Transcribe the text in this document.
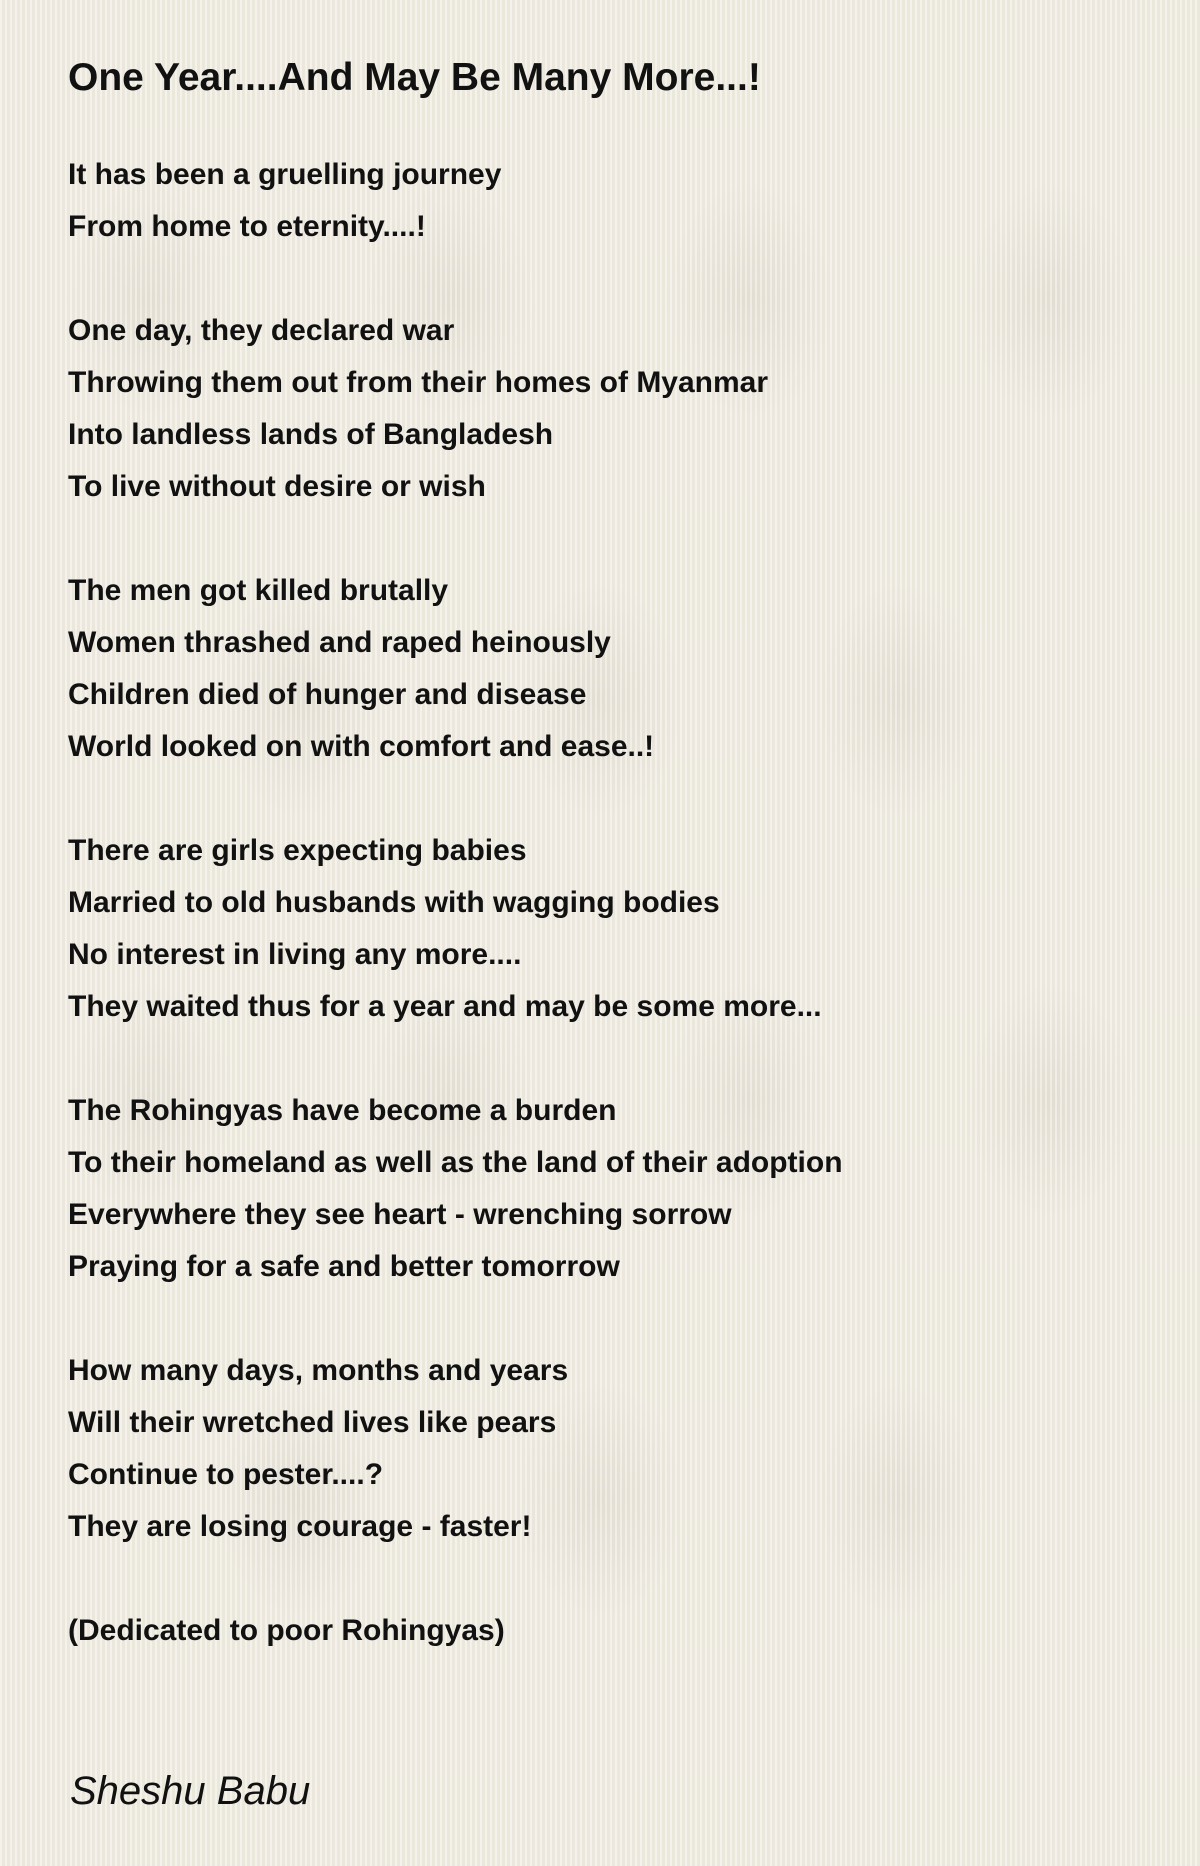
One Year....And May Be Many More...!
It has been a gruelling journey
From home to eternity....!
One day, they declared war
Throwing them out from their homes of Myanmar
Into landless lands of Bangladesh
To live without desire or wish
The men got killed brutally
Women thrashed and raped heinously
Children died of hunger and disease
World looked on with comfort and ease..!
There are girls expecting babies
Married to old husbands with wagging bodies
No interest in living any more....
They waited thus for a year and may be some more...
The Rohingyas have become a burden
To their homeland as well as the land of their adoption
Everywhere they see heart - wrenching sorrow
Praying for a safe and better tomorrow
How many days, months and years
Will their wretched lives like pears
Continue to pester....?
They are losing courage - faster!
(Dedicated to poor Rohingyas)
Sheshu Babu
